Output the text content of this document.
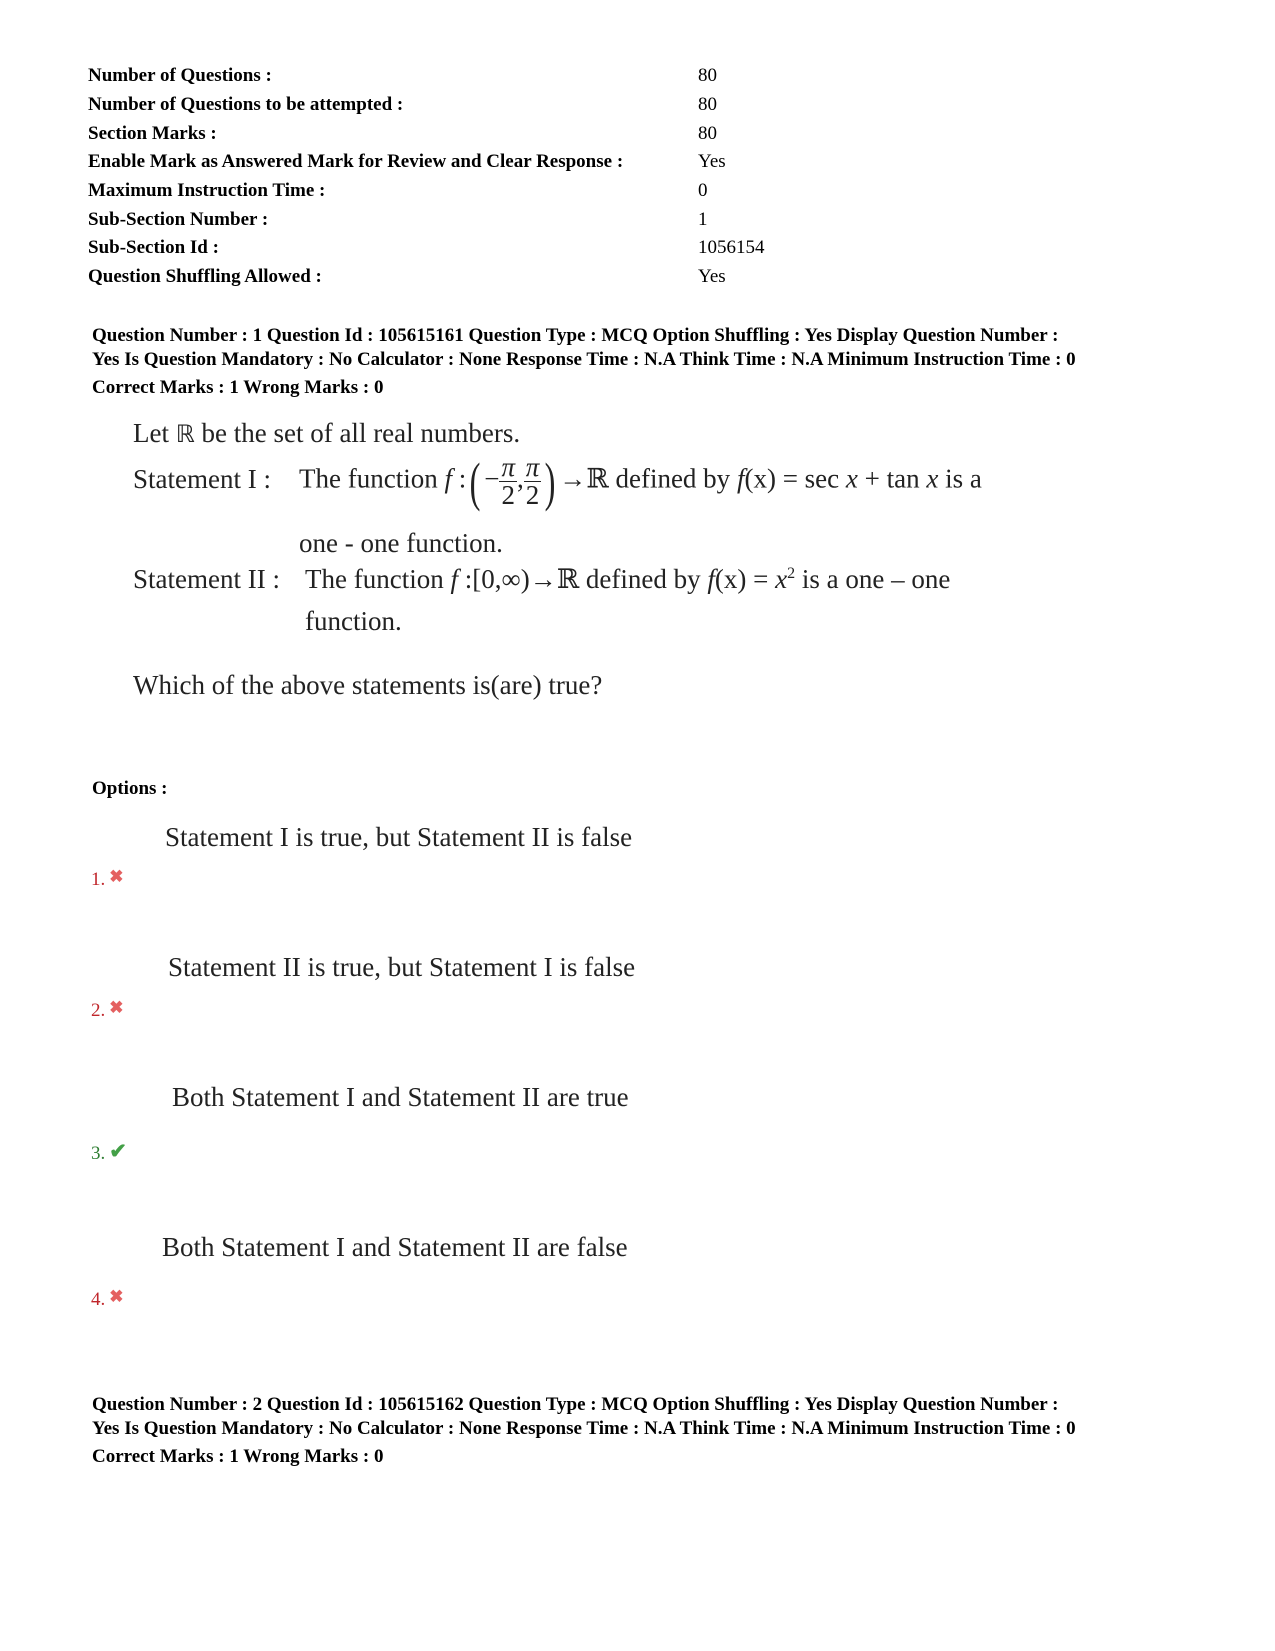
Number of Questions :	80
Number of Questions to be attempted :	80
Section Marks :	80
Enable Mark as Answered Mark for Review and Clear Response :	Yes
Maximum Instruction Time :	0
Sub-Section Number :	1
Sub-Section Id :	1056154
Question Shuffling Allowed :	Yes
Question Number : 1 Question Id : 105615161 Question Type : MCQ Option Shuffling : Yes Display Question Number :
Yes Is Question Mandatory : No Calculator : None Response Time : N.A Think Time : N.A Minimum Instruction Time : 0
Correct Marks : 1 Wrong Marks : 0
Let ℝ be the set of all real numbers.
Statement I : The function f :( − $\frac{\pi}{2}$ , $\frac{\pi}{2}$ ) →ℝ defined by f(x) = sec x + tan x is a
one - one function.
Statement II : The function f :[0,∞)→ℝ defined by $f(x) = x^2$ is a one – one
function.
Which of the above statements is(are) true?
Options :
Statement I is true, but Statement II is false
1. ✖
Statement II is true, but Statement I is false
2. ✖
Both Statement I and Statement II are true
3. ✔
Both Statement I and Statement II are false
4. ✖
Question Number : 2 Question Id : 105615162 Question Type : MCQ Option Shuffling : Yes Display Question Number :
Yes Is Question Mandatory : No Calculator : None Response Time : N.A Think Time : N.A Minimum Instruction Time : 0
Correct Marks : 1 Wrong Marks : 0
